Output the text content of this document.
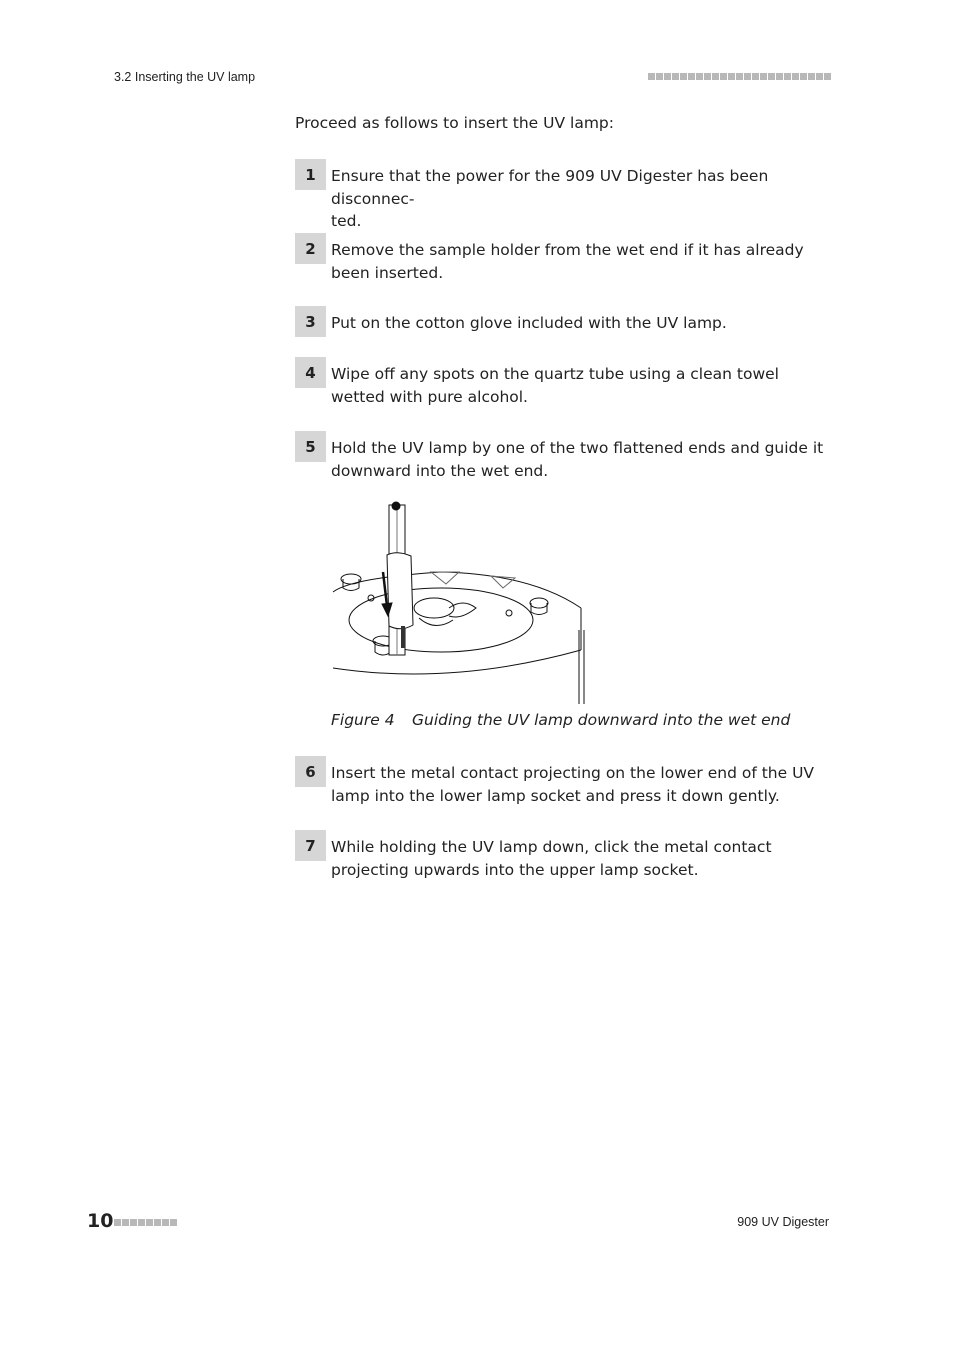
3.2 Inserting the UV lamp
Proceed as follows to insert the UV lamp:
1 Ensure that the power for the 909 UV Digester has been disconnec-
ted.
2 Remove the sample holder from the wet end if it has already been inserted.
3 Put on the cotton glove included with the UV lamp.
4 Wipe off any spots on the quartz tube using a clean towel wetted with pure alcohol.
5 Hold the UV lamp by one of the two flattened ends and guide it downward into the wet end.
Figure 4 Guiding the UV lamp downward into the wet end
6 Insert the metal contact projecting on the lower end of the UV lamp into the lower lamp socket and press it down gently.
7 While holding the UV lamp down, click the metal contact projecting upwards into the upper lamp socket.
10	909 UV Digester
